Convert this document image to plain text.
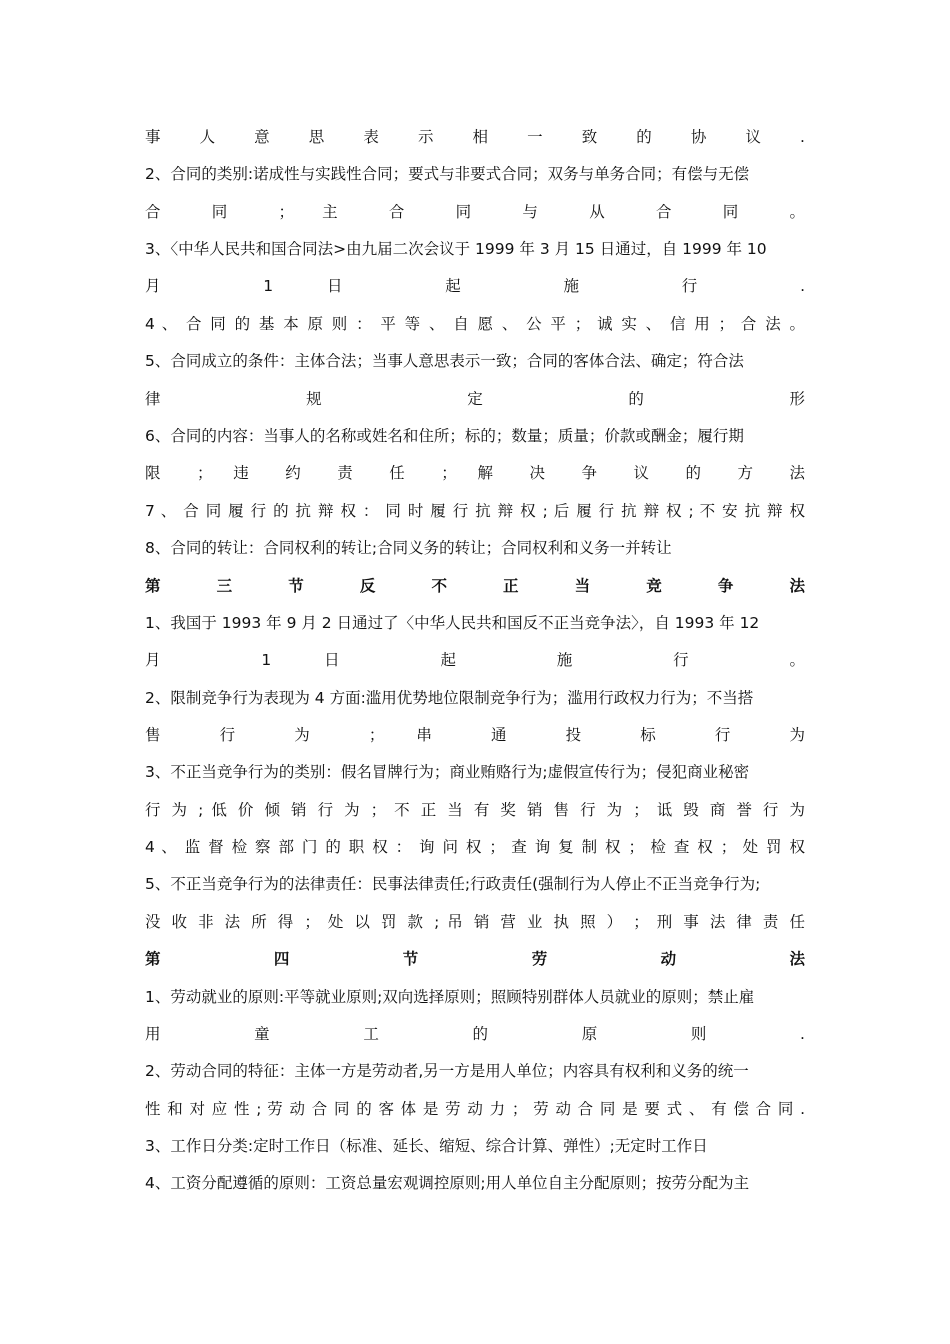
事 人 意 思 表 示 相 一 致 的 协 议 .
2、合同的类别:诺成性与实践性合同；要式与非要式合同；双务与单务合同；有偿与无偿
合 同 ； 主 合 同 与 从 合 同 。
3、〈中华人民共和国合同法>由九届二次会议于 1999 年 3 月 15 日通过，自 1999 年 10
月 1 日 起 施 行 .
4 、 合 同 的 基 本 原 则 ： 平 等 、 自 愿 、 公 平 ； 诚 实 、 信 用 ； 合 法 。
5、合同成立的条件：主体合法；当事人意思表示一致；合同的客体合法、确定；符合法
律 规 定 的 形
6、合同的内容：当事人的名称或姓名和住所；标的；数量；质量；价款或酬金；履行期
限 ； 违 约 责 任 ； 解 决 争 议 的 方 法
7 、 合 同 履 行 的 抗 辩 权 ： 同 时 履 行 抗 辩 权 ; 后 履 行 抗 辩 权 ; 不 安 抗 辩 权
8、合同的转让：合同权利的转让;合同义务的转让；合同权利和义务一并转让
第 三 节 反 不 正 当 竞 争 法
1、我国于 1993 年 9 月 2 日通过了〈中华人民共和国反不正当竞争法〉，自 1993 年 12
月 1 日 起 施 行 。
2、限制竞争行为表现为 4 方面:滥用优势地位限制竞争行为；滥用行政权力行为；不当搭
售 行 为 ； 串 通 投 标 行 为
3、不正当竞争行为的类别：假名冒牌行为；商业贿赂行为;虚假宣传行为；侵犯商业秘密
行 为 ; 低 价 倾 销 行 为 ； 不 正 当 有 奖 销 售 行 为 ； 诋 毁 商 誉 行 为
4 、 监 督 检 察 部 门 的 职 权 ： 询 问 权 ； 查 询 复 制 权 ； 检 查 权 ； 处 罚 权
5、不正当竞争行为的法律责任：民事法律责任;行政责任(强制行为人停止不正当竞争行为;
没 收 非 法 所 得 ； 处 以 罚 款 ; 吊 销 营 业 执 照 ） ； 刑 事 法 律 责 任
第 四 节 劳 动 法
1、劳动就业的原则:平等就业原则;双向选择原则；照顾特别群体人员就业的原则；禁止雇
用 童 工 的 原 则 .
2、劳动合同的特征：主体一方是劳动者,另一方是用人单位；内容具有权利和义务的统一
性 和 对 应 性 ; 劳 动 合 同 的 客 体 是 劳 动 力 ； 劳 动 合 同 是 要 式 、 有 偿 合 同 .
3、工作日分类:定时工作日（标准、延长、缩短、综合计算、弹性）;无定时工作日
4、工资分配遵循的原则：工资总量宏观调控原则;用人单位自主分配原则；按劳分配为主
